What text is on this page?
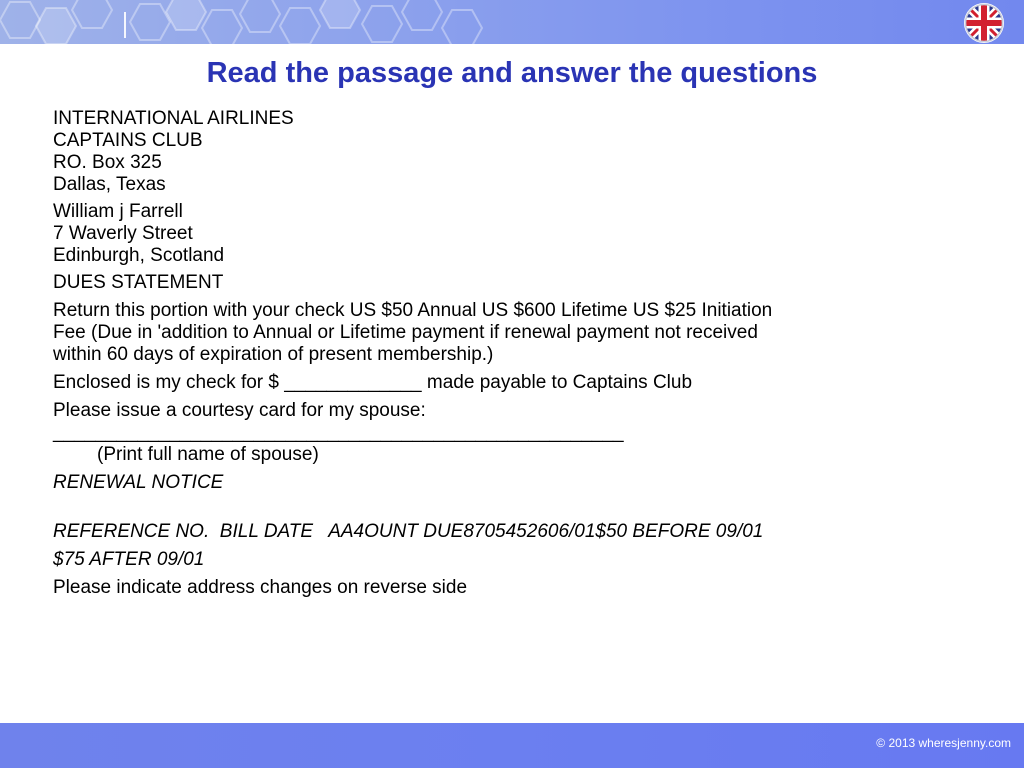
Read the passage and answer the questions
INTERNATIONAL AIRLINES
CAPTAINS CLUB
RO. Box 325
Dallas, Texas
William j Farrell
7 Waverly Street
Edinburgh, Scotland
DUES STATEMENT
Return this portion with your check US $50 Annual US $600 Lifetime US $25 Initiation
Fee (Due in 'addition to Annual or Lifetime payment if renewal payment not received
within 60 days of expiration of present membership.)
Enclosed is my check for $ _____________ made payable to Captains Club
Please issue a courtesy card for my spouse:
______________________________________________________
(Print full name of spouse)
RENEWAL NOTICE
REFERENCE NO.  BILL DATE   AA4OUNT DUE8705452606/01$50 BEFORE 09/01
$75 AFTER 09/01
Please indicate address changes on reverse side
© 2013 wheresjenny.com
